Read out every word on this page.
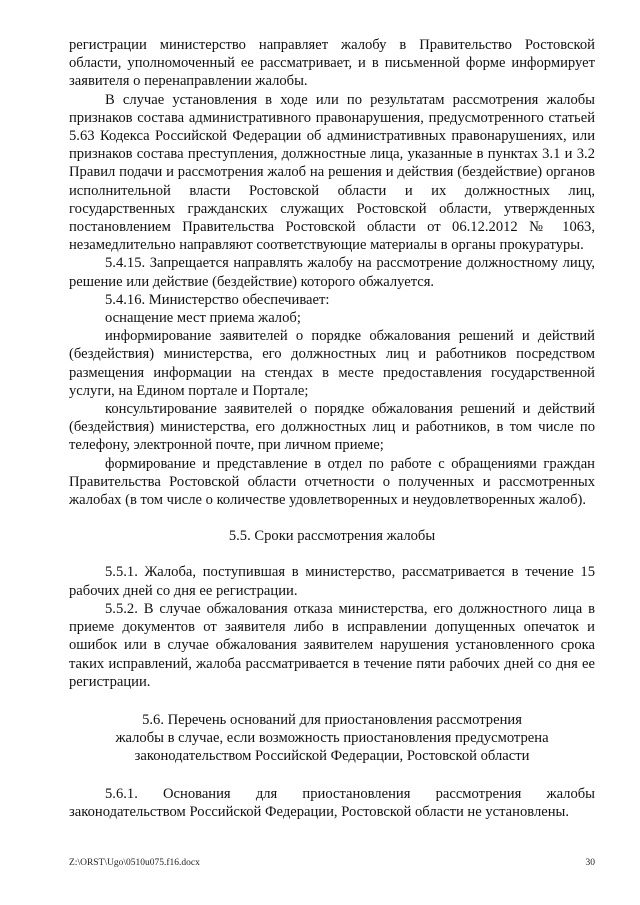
регистрации министерство направляет жалобу в Правительство Ростовской области, уполномоченный ее рассматривает, и в письменной форме информирует заявителя о перенаправлении жалобы.

В случае установления в ходе или по результатам рассмотрения жалобы признаков состава административного правонарушения, предусмотренного статьей 5.63 Кодекса Российской Федерации об административных правонарушениях, или признаков состава преступления, должностные лица, указанные в пунктах 3.1 и 3.2 Правил подачи и рассмотрения жалоб на решения и действия (бездействие) органов исполнительной власти Ростовской области и их должностных лиц, государственных гражданских служащих Ростовской области, утвержденных постановлением Правительства Ростовской области от 06.12.2012 № 1063, незамедлительно направляют соответствующие материалы в органы прокуратуры.

5.4.15. Запрещается направлять жалобу на рассмотрение должностному лицу, решение или действие (бездействие) которого обжалуется.

5.4.16. Министерство обеспечивает:

оснащение мест приема жалоб;

информирование заявителей о порядке обжалования решений и действий (бездействия) министерства, его должностных лиц и работников посредством размещения информации на стендах в месте предоставления государственной услуги, на Едином портале и Портале;

консультирование заявителей о порядке обжалования решений и действий (бездействия) министерства, его должностных лиц и работников, в том числе по телефону, электронной почте, при личном приеме;

формирование и представление в отдел по работе с обращениями граждан Правительства Ростовской области отчетности о полученных и рассмотренных жалобах (в том числе о количестве удовлетворенных и неудовлетворенных жалоб).

5.5. Сроки рассмотрения жалобы

5.5.1. Жалоба, поступившая в министерство, рассматривается в течение 15 рабочих дней со дня ее регистрации.

5.5.2. В случае обжалования отказа министерства, его должностного лица в приеме документов от заявителя либо в исправлении допущенных опечаток и ошибок или в случае обжалования заявителем нарушения установленного срока таких исправлений, жалоба рассматривается в течение пяти рабочих дней со дня ее регистрации.

5.6. Перечень оснований для приостановления рассмотрения

жалобы в случае, если возможность приостановления предусмотрена

законодательством Российской Федерации, Ростовской области

5.6.1. Основания для приостановления рассмотрения жалобы законодательством Российской Федерации, Ростовской области не установлены.

Z:\ORST\Ugo\0510u075.f16.docx	30
